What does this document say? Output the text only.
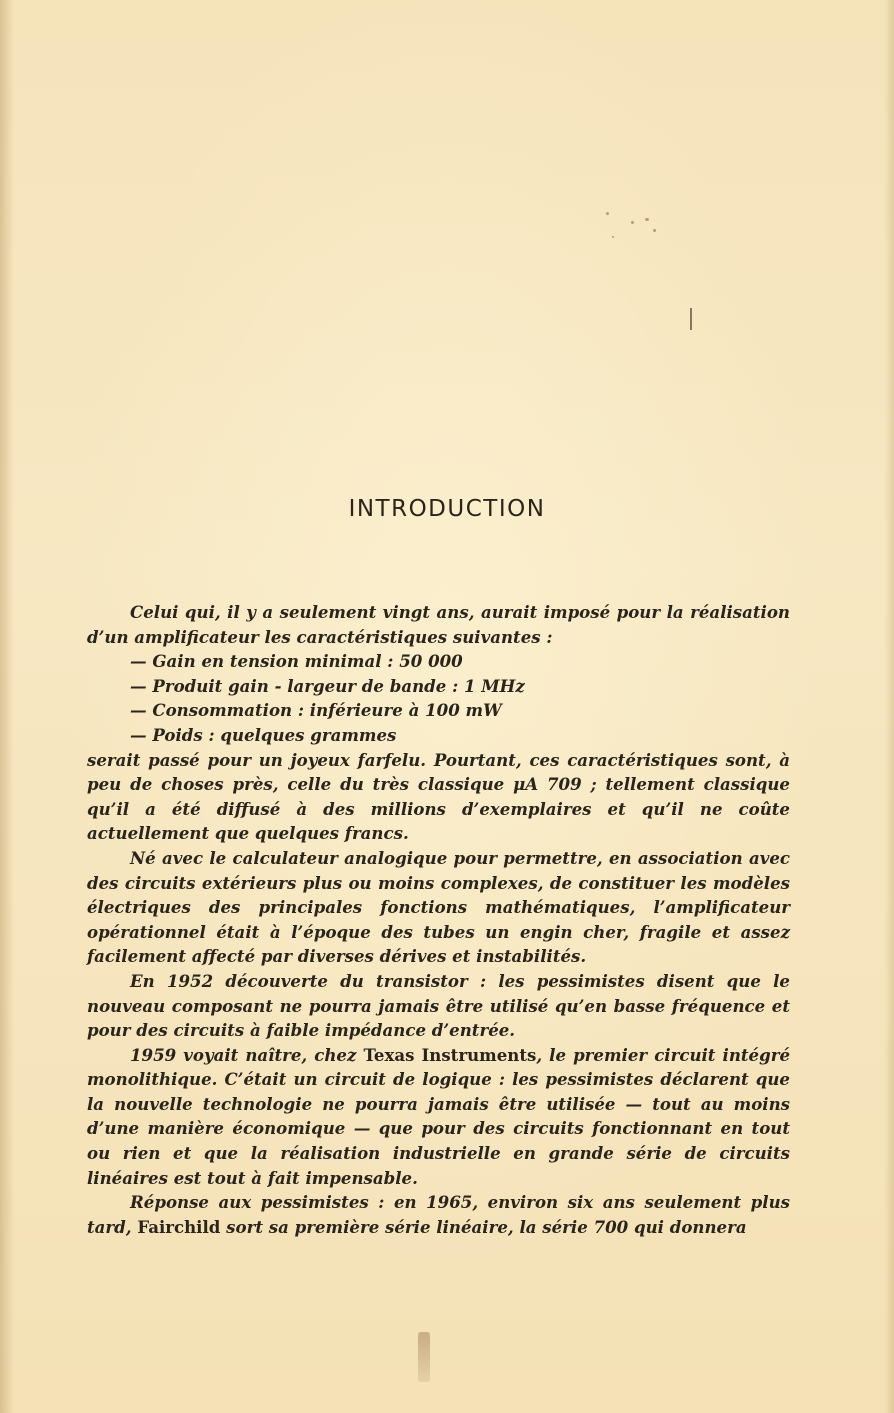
INTRODUCTION

Celui qui, il y a seulement vingt ans, aurait imposé pour la réalisation d’un amplificateur les caractéristiques suivantes :

— Gain en tension minimal : 50 000
— Produit gain - largeur de bande : 1 MHz
— Consommation : inférieure à 100 mW
— Poids : quelques grammes

serait passé pour un joyeux farfelu. Pourtant, ces caractéristiques sont, à peu de choses près, celle du très classique μA 709 ; tellement classique qu’il a été diffusé à des millions d’exemplaires et qu’il ne coûte actuellement que quelques francs.

Né avec le calculateur analogique pour permettre, en association avec des circuits extérieurs plus ou moins complexes, de constituer les modèles électriques des principales fonctions mathématiques, l’amplificateur opérationnel était à l’époque des tubes un engin cher, fragile et assez facilement affecté par diverses dérives et instabilités.

En 1952 découverte du transistor : les pessimistes disent que le nouveau composant ne pourra jamais être utilisé qu’en basse fréquence et pour des circuits à faible impédance d’entrée.

1959 voyait naître, chez Texas Instruments, le premier circuit intégré monolithique. C’était un circuit de logique : les pessimistes déclarent que la nouvelle technologie ne pourra jamais être utilisée — tout au moins d’une manière économique — que pour des circuits fonctionnant en tout ou rien et que la réalisation industrielle en grande série de circuits linéaires est tout à fait impensable.

Réponse aux pessimistes : en 1965, environ six ans seulement plus tard, Fairchild sort sa première série linéaire, la série 700 qui donnera
